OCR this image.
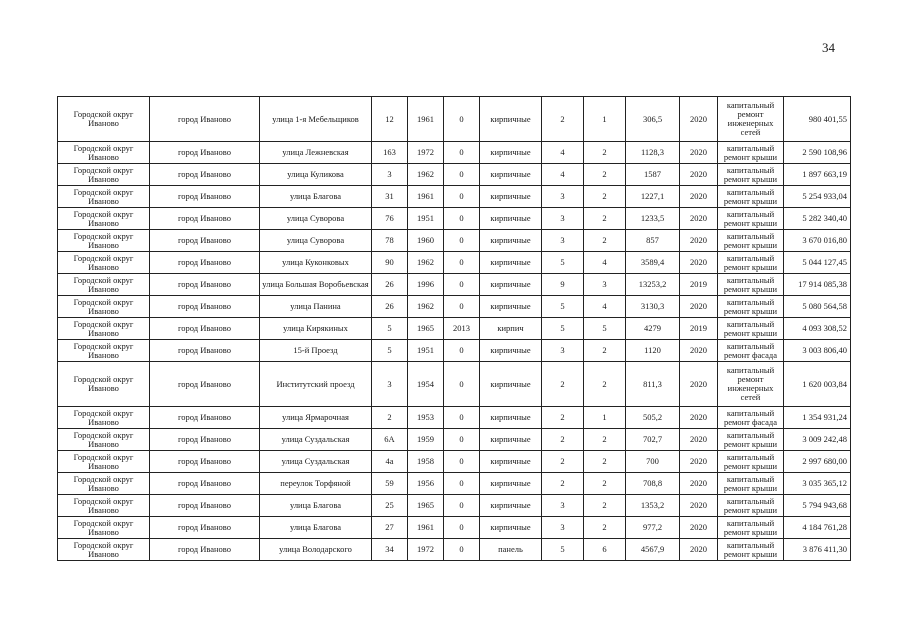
34
Городской округ Иваново	город Иваново	улица 1-я Мебельщиков	12	1961	0	кирпичные	2	1	306,5	2020	капитальный ремонт инженерных сетей	980 401,55
Городской округ Иваново	город Иваново	улица Лежневская	163	1972	0	кирпичные	4	2	1128,3	2020	капитальный ремонт крыши	2 590 108,96
Городской округ Иваново	город Иваново	улица Куликова	3	1962	0	кирпичные	4	2	1587	2020	капитальный ремонт крыши	1 897 663,19
Городской округ Иваново	город Иваново	улица Благова	31	1961	0	кирпичные	3	2	1227,1	2020	капитальный ремонт крыши	5 254 933,04
Городской округ Иваново	город Иваново	улица Суворова	76	1951	0	кирпичные	3	2	1233,5	2020	капитальный ремонт крыши	5 282 340,40
Городской округ Иваново	город Иваново	улица Суворова	78	1960	0	кирпичные	3	2	857	2020	капитальный ремонт крыши	3 670 016,80
Городской округ Иваново	город Иваново	улица Куконковых	90	1962	0	кирпичные	5	4	3589,4	2020	капитальный ремонт крыши	5 044 127,45
Городской округ Иваново	город Иваново	улица Большая Воробьевская	26	1996	0	кирпичные	9	3	13253,2	2019	капитальный ремонт крыши	17 914 085,38
Городской округ Иваново	город Иваново	улица Панина	26	1962	0	кирпичные	5	4	3130,3	2020	капитальный ремонт крыши	5 080 564,58
Городской округ Иваново	город Иваново	улица Кирякиных	5	1965	2013	кирпич	5	5	4279	2019	капитальный ремонт крыши	4 093 308,52
Городской округ Иваново	город Иваново	15-й Проезд	5	1951	0	кирпичные	3	2	1120	2020	капитальный ремонт фасада	3 003 806,40
Городской округ Иваново	город Иваново	Институтский проезд	3	1954	0	кирпичные	2	2	811,3	2020	капитальный ремонт инженерных сетей	1 620 003,84
Городской округ Иваново	город Иваново	улица Ярмарочная	2	1953	0	кирпичные	2	1	505,2	2020	капитальный ремонт фасада	1 354 931,24
Городской округ Иваново	город Иваново	улица Суздальская	6А	1959	0	кирпичные	2	2	702,7	2020	капитальный ремонт крыши	3 009 242,48
Городской округ Иваново	город Иваново	улица Суздальская	4а	1958	0	кирпичные	2	2	700	2020	капитальный ремонт крыши	2 997 680,00
Городской округ Иваново	город Иваново	переулок Торфяной	59	1956	0	кирпичные	2	2	708,8	2020	капитальный ремонт крыши	3 035 365,12
Городской округ Иваново	город Иваново	улица Благова	25	1965	0	кирпичные	3	2	1353,2	2020	капитальный ремонт крыши	5 794 943,68
Городской округ Иваново	город Иваново	улица Благова	27	1961	0	кирпичные	3	2	977,2	2020	капитальный ремонт крыши	4 184 761,28
Городской округ Иваново	город Иваново	улица Володарского	34	1972	0	панель	5	6	4567,9	2020	капитальный ремонт крыши	3 876 411,30
